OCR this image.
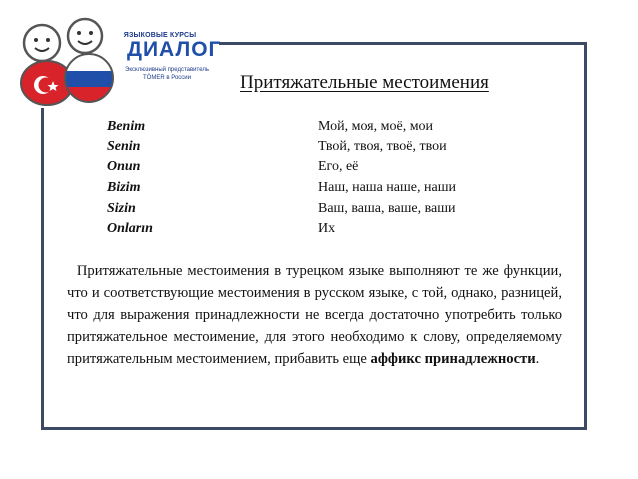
ЯЗЫКОВЫЕ КУРСЫ
ДИАЛОГ
Эксклюзивный представитель
TÖMER в России	Притяжательные местоимения
Benim	Мой, моя, моё, мои
Senin	Твой, твоя, твоё, твои
Onun	Его, её
Bizim	Наш, наша наше, наши
Sizin	Ваш, ваша, ваше, ваши
Onların	Их
Притяжательные местоимения в турецком языке выполняют те же функции, что и соответствующие местоимения в русском языке, с той, однако, разницей, что для выражения принадлежности не всегда достаточно употребить только притяжательное местоимение, для этого необходимо к слову, определяемому притяжательным местоимением, прибавить еще аффикс принадлежности.
